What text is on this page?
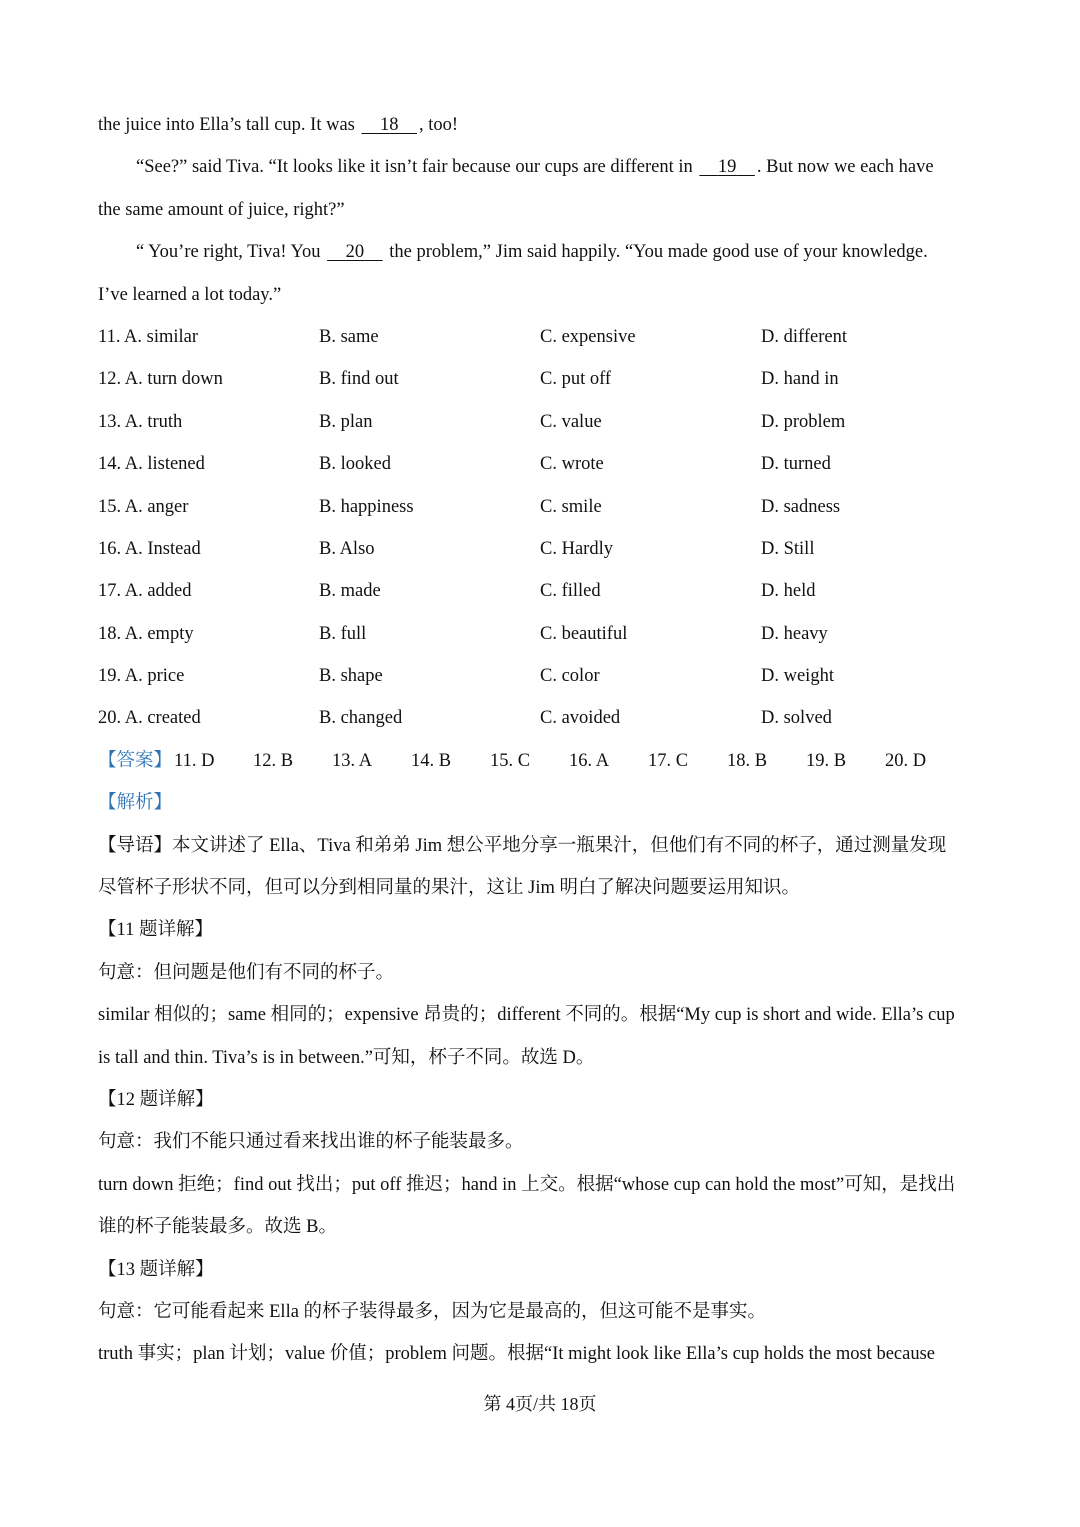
the juice into Ella’s tall cup. It was  18  , too!
“See?” said Tiva. “It looks like it isn’t fair because our cups are different in  19  . But now we each have
the same amount of juice, right?”
“ You’re right, Tiva! You  20  the problem,” Jim said happily. “You made good use of your knowledge.
I’ve learned a lot today.”
11. A. similar	B. same	C. expensive	D. different
12. A. turn down	B. find out	C. put off	D. hand in
13. A. truth	B. plan	C. value	D. problem
14. A. listened	B. looked	C. wrote	D. turned
15. A. anger	B. happiness	C. smile	D. sadness
16. A. Instead	B. Also	C. Hardly	D. Still
17. A. added	B. made	C. filled	D. held
18. A. empty	B. full	C. beautiful	D. heavy
19. A. price	B. shape	C. color	D. weight
20. A. created	B. changed	C. avoided	D. solved
【答案】 11. D	12. B	13. A	14. B	15. C	16. A	17. C	18. B	19. B	20. D
【解析】
【导语】本文讲述了 Ella、Tiva 和弟弟 Jim 想公平地分享一瓶果汁，但他们有不同的杯子，通过测量发现
尽管杯子形状不同，但可以分到相同量的果汁，这让 Jim 明白了解决问题要运用知识。
【11 题详解】
句意：但问题是他们有不同的杯子。
similar 相似的；same 相同的；expensive 昂贵的；different 不同的。根据“My cup is short and wide. Ella’s cup
is tall and thin. Tiva’s is in between.”可知，杯子不同。故选 D。
【12 题详解】
句意：我们不能只通过看来找出谁的杯子能装最多。
turn down 拒绝；find out 找出；put off 推迟；hand in 上交。根据“whose cup can hold the most”可知，是找出
谁的杯子能装最多。故选 B。
【13 题详解】
句意：它可能看起来 Ella 的杯子装得最多，因为它是最高的，但这可能不是事实。
truth 事实；plan 计划；value 价值；problem 问题。根据“It might look like Ella’s cup holds the most because
第 4页/共 18页
